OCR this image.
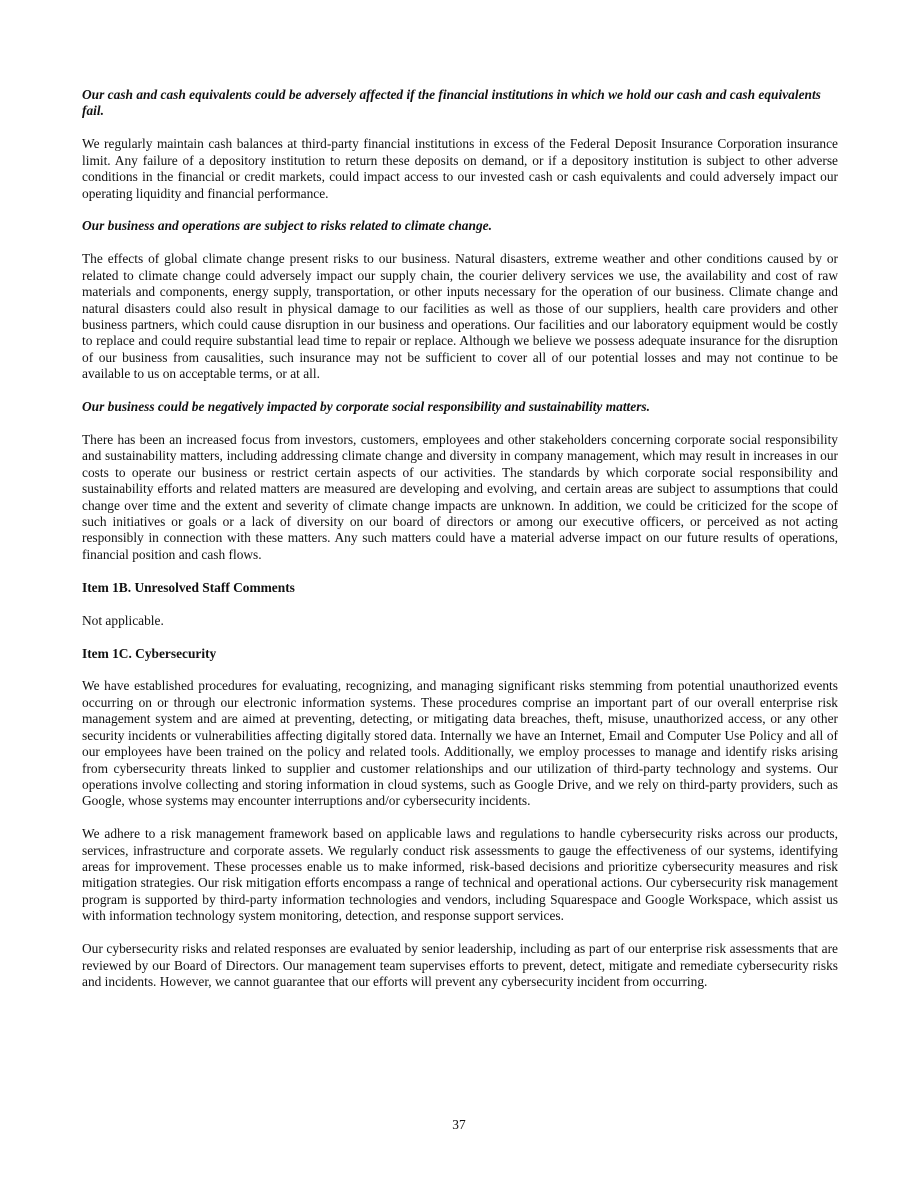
Our cash and cash equivalents could be adversely affected if the financial institutions in which we hold our cash and cash equivalents fail.
We regularly maintain cash balances at third-party financial institutions in excess of the Federal Deposit Insurance Corporation insurance limit. Any failure of a depository institution to return these deposits on demand, or if a depository institution is subject to other adverse conditions in the financial or credit markets, could impact access to our invested cash or cash equivalents and could adversely impact our operating liquidity and financial performance.
Our business and operations are subject to risks related to climate change.
The effects of global climate change present risks to our business. Natural disasters, extreme weather and other conditions caused by or related to climate change could adversely impact our supply chain, the courier delivery services we use, the availability and cost of raw materials and components, energy supply, transportation, or other inputs necessary for the operation of our business. Climate change and natural disasters could also result in physical damage to our facilities as well as those of our suppliers, health care providers and other business partners, which could cause disruption in our business and operations. Our facilities and our laboratory equipment would be costly to replace and could require substantial lead time to repair or replace. Although we believe we possess adequate insurance for the disruption of our business from causalities, such insurance may not be sufficient to cover all of our potential losses and may not continue to be available to us on acceptable terms, or at all.
Our business could be negatively impacted by corporate social responsibility and sustainability matters.
There has been an increased focus from investors, customers, employees and other stakeholders concerning corporate social responsibility and sustainability matters, including addressing climate change and diversity in company management, which may result in increases in our costs to operate our business or restrict certain aspects of our activities. The standards by which corporate social responsibility and sustainability efforts and related matters are measured are developing and evolving, and certain areas are subject to assumptions that could change over time and the extent and severity of climate change impacts are unknown. In addition, we could be criticized for the scope of such initiatives or goals or a lack of diversity on our board of directors or among our executive officers, or perceived as not acting responsibly in connection with these matters. Any such matters could have a material adverse impact on our future results of operations, financial position and cash flows.
Item 1B. Unresolved Staff Comments
Not applicable.
Item 1C. Cybersecurity
We have established procedures for evaluating, recognizing, and managing significant risks stemming from potential unauthorized events occurring on or through our electronic information systems. These procedures comprise an important part of our overall enterprise risk management system and are aimed at preventing, detecting, or mitigating data breaches, theft, misuse, unauthorized access, or any other security incidents or vulnerabilities affecting digitally stored data. Internally we have an Internet, Email and Computer Use Policy and all of our employees have been trained on the policy and related tools. Additionally, we employ processes to manage and identify risks arising from cybersecurity threats linked to supplier and customer relationships and our utilization of third-party technology and systems. Our operations involve collecting and storing information in cloud systems, such as Google Drive, and we rely on third-party providers, such as Google, whose systems may encounter interruptions and/or cybersecurity incidents.
We adhere to a risk management framework based on applicable laws and regulations to handle cybersecurity risks across our products, services, infrastructure and corporate assets. We regularly conduct risk assessments to gauge the effectiveness of our systems, identifying areas for improvement. These processes enable us to make informed, risk-based decisions and prioritize cybersecurity measures and risk mitigation strategies. Our risk mitigation efforts encompass a range of technical and operational actions. Our cybersecurity risk management program is supported by third-party information technologies and vendors, including Squarespace and Google Workspace, which assist us with information technology system monitoring, detection, and response support services.
Our cybersecurity risks and related responses are evaluated by senior leadership, including as part of our enterprise risk assessments that are reviewed by our Board of Directors. Our management team supervises efforts to prevent, detect, mitigate and remediate cybersecurity risks and incidents. However, we cannot guarantee that our efforts will prevent any cybersecurity incident from occurring.
37
